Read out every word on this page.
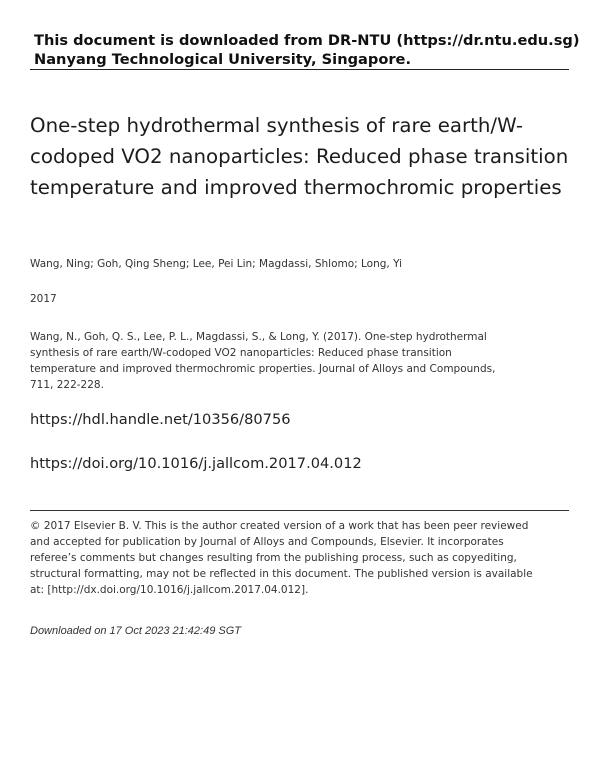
This document is downloaded from DR-NTU (https://dr.ntu.edu.sg)
Nanyang Technological University, Singapore.
One-step hydrothermal synthesis of rare earth/W-codoped VO2 nanoparticles: Reduced phase transition temperature and improved thermochromic properties
Wang, Ning; Goh, Qing Sheng; Lee, Pei Lin; Magdassi, Shlomo; Long, Yi
2017

Wang, N., Goh, Q. S., Lee, P. L., Magdassi, S., & Long, Y. (2017). One-step hydrothermal synthesis of rare earth/W-codoped VO2 nanoparticles: Reduced phase transition temperature and improved thermochromic properties. Journal of Alloys and Compounds, 711, 222-228.

https://hdl.handle.net/10356/80756
https://doi.org/10.1016/j.jallcom.2017.04.012

© 2017 Elsevier B. V. This is the author created version of a work that has been peer reviewed and accepted for publication by Journal of Alloys and Compounds, Elsevier. It incorporates referee’s comments but changes resulting from the publishing process, such as copyediting, structural formatting, may not be reflected in this document. The published version is available at: [http://dx.doi.org/10.1016/j.jallcom.2017.04.012].

Downloaded on 17 Oct 2023 21:42:49 SGT
